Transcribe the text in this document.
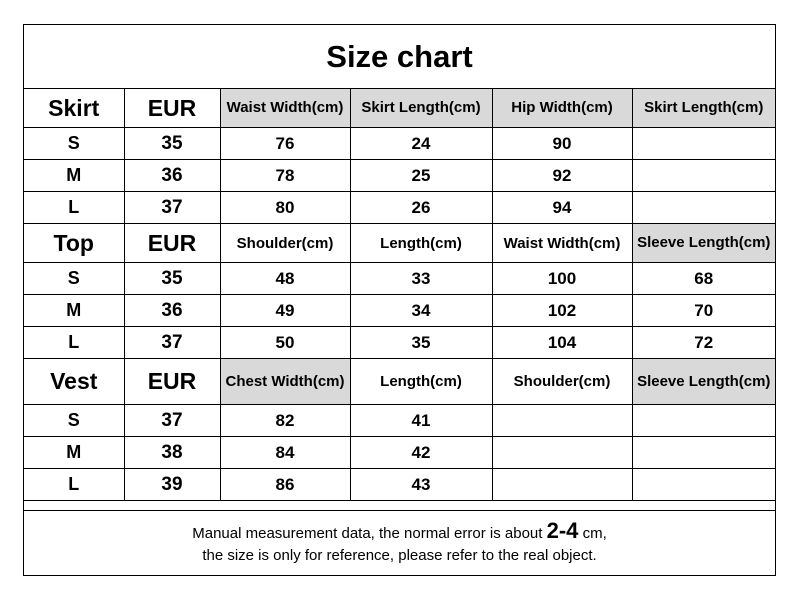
Size chart
Skirt	EUR	Waist Width(cm)	Skirt Length(cm)	Hip Width(cm)	Skirt Length(cm)
S	35	76	24	90	
M	36	78	25	92	
L	37	80	26	94	
Top	EUR	Shoulder(cm)	Length(cm)	Waist Width(cm)	Sleeve Length(cm)
S	35	48	33	100	68
M	36	49	34	102	70
L	37	50	35	104	72
Vest	EUR	Chest Width(cm)	Length(cm)	Shoulder(cm)	Sleeve Length(cm)
S	37	82	41		
M	38	84	42		
L	39	86	43		
Manual measurement data, the normal error is about 2-4 cm,
the size is only for reference, please refer to the real object.
